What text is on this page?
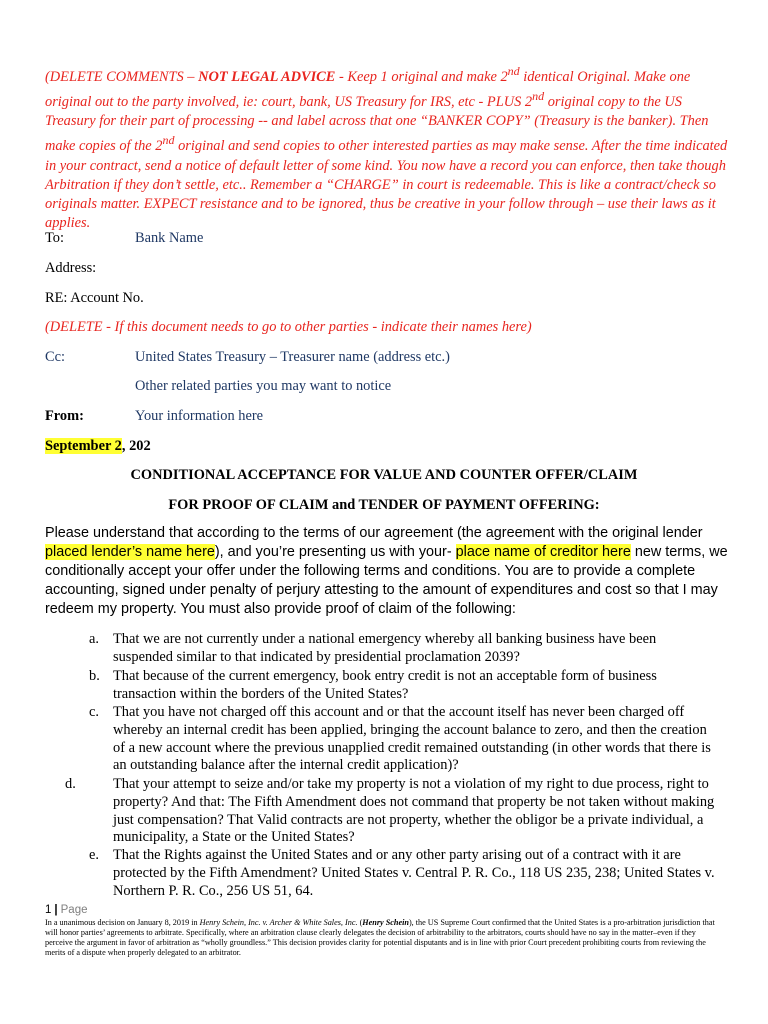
(DELETE COMMENTS – NOT LEGAL ADVICE - Keep 1 original and make 2nd identical Original. Make one original out to the party involved, ie: court, bank, US Treasury for IRS, etc - PLUS 2nd original copy to the US Treasury for their part of processing -- and label across that one “BANKER COPY” (Treasury is the banker). Then make copies of the 2nd original and send copies to other interested parties as may make sense. After the time indicated in your contract, send a notice of default letter of some kind. You now have a record you can enforce, then take though Arbitration if they don’t settle, etc.. Remember a “CHARGE” in court is redeemable. This is like a contract/check so originals matter. EXPECT resistance and to be ignored, thus be creative in your follow through – use their laws as it applies.
To:	Bank Name
Address:
RE: Account No.
(DELETE - If this document needs to go to other parties - indicate their names here)
Cc:	United States Treasury – Treasurer name (address etc.)
Other related parties you may want to notice
From:	Your information here
September 2, 202
CONDITIONAL ACCEPTANCE FOR VALUE AND COUNTER OFFER/CLAIM
FOR PROOF OF CLAIM and TENDER OF PAYMENT OFFERING:
Please understand that according to the terms of our agreement (the agreement with the original lender placed lender’s name here), and you’re presenting us with your- place name of creditor here new terms, we conditionally accept your offer under the following terms and conditions. You are to provide a complete accounting, signed under penalty of perjury attesting to the amount of expenditures and cost so that I may redeem my property. You must also provide proof of claim of the following:
a. That we are not currently under a national emergency whereby all banking business have been suspended similar to that indicated by presidential proclamation 2039?
b. That because of the current emergency, book entry credit is not an acceptable form of business transaction within the borders of the United States?
c. That you have not charged off this account and or that the account itself has never been charged off whereby an internal credit has been applied, bringing the account balance to zero, and then the creation of a new account where the previous unapplied credit remained outstanding (in other words that there is an outstanding balance after the internal credit application)?
d.	That your attempt to seize and/or take my property is not a violation of my right to due process, right to property? And that: The Fifth Amendment does not command that property be not taken without making just compensation? That Valid contracts are not property, whether the obligor be a private individual, a municipality, a State or the United States?
e. That the Rights against the United States and or any other party arising out of a contract with it are protected by the Fifth Amendment? United States v. Central P. R. Co., 118 US 235, 238; United States v. Northern P. R. Co., 256 US 51, 64.
1 | Page
In a unanimous decision on January 8, 2019 in Henry Schein, Inc. v. Archer & White Sales, Inc. (Henry Schein), the US Supreme Court confirmed that the United States is a pro-arbitration jurisdiction that will honor parties’ agreements to arbitrate. Specifically, where an arbitration clause clearly delegates the decision of arbitrability to the arbitrators, courts should have no say in the matter–even if they perceive the argument in favor of arbitration as “wholly groundless.” This decision provides clarity for potential disputants and is in line with prior Court precedent prohibiting courts from reviewing the merits of a dispute when properly delegated to an arbitrator.
